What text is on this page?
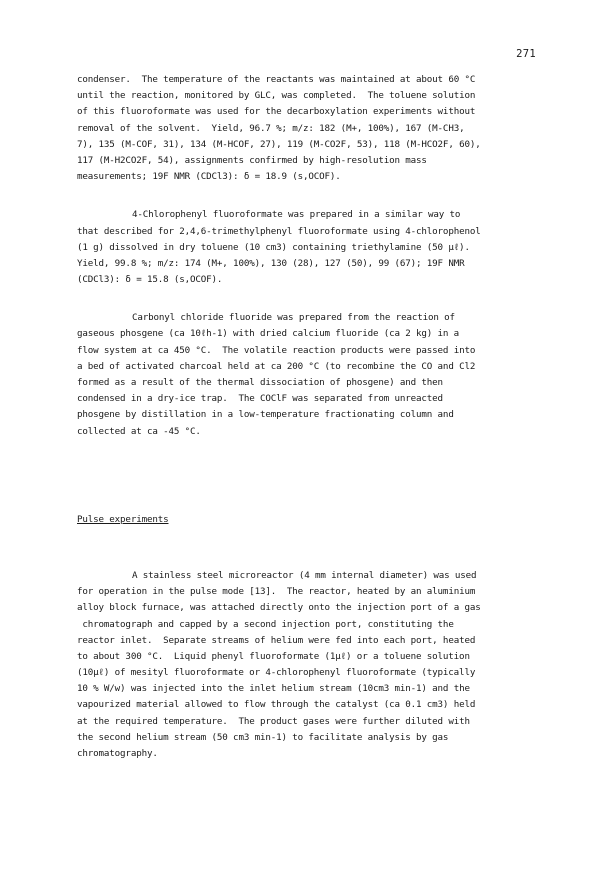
271
condenser.  The temperature of the reactants was maintained at about 60 °C
until the reaction, monitored by GLC, was completed.  The toluene solution
of this fluoroformate was used for the decarboxylation experiments without
removal of the solvent.  Yield, 96.7 %; m/z: 182 (M+, 100%), 167 (M-CH3,
7), 135 (M-COF, 31), 134 (M-HCOF, 27), 119 (M-CO2F, 53), 118 (M-HCO2F, 60),
117 (M-H2CO2F, 54), assignments confirmed by high-resolution mass
measurements; 19F NMR (CDCl3): δ = 18.9 (s,OCOF).
4-Chlorophenyl fluoroformate was prepared in a similar way to
that described for 2,4,6-trimethylphenyl fluoroformate using 4-chlorophenol
(1 g) dissolved in dry toluene (10 cm3) containing triethylamine (50 µℓ).
Yield, 99.8 %; m/z: 174 (M+, 100%), 130 (28), 127 (50), 99 (67); 19F NMR
(CDCl3): δ = 15.8 (s,OCOF).
Carbonyl chloride fluoride was prepared from the reaction of
gaseous phosgene (ca 10ℓh-1) with dried calcium fluoride (ca 2 kg) in a
flow system at ca 450 °C.  The volatile reaction products were passed into
a bed of activated charcoal held at ca 200 °C (to recombine the CO and Cl2
formed as a result of the thermal dissociation of phosgene) and then
condensed in a dry-ice trap.  The COClF was separated from unreacted
phosgene by distillation in a low-temperature fractionating column and
collected at ca -45 °C.
Pulse experiments
A stainless steel microreactor (4 mm internal diameter) was used
for operation in the pulse mode [13].  The reactor, heated by an aluminium
alloy block furnace, was attached directly onto the injection port of a gas
chromatograph and capped by a second injection port, constituting the
reactor inlet.  Separate streams of helium were fed into each port, heated
to about 300 °C.  Liquid phenyl fluoroformate (1µℓ) or a toluene solution
(10µℓ) of mesityl fluoroformate or 4-chlorophenyl fluoroformate (typically
10 % W/w) was injected into the inlet helium stream (10cm3 min-1) and the
vapourized material allowed to flow through the catalyst (ca 0.1 cm3) held
at the required temperature.  The product gases were further diluted with
the second helium stream (50 cm3 min-1) to facilitate analysis by gas
chromatography.
